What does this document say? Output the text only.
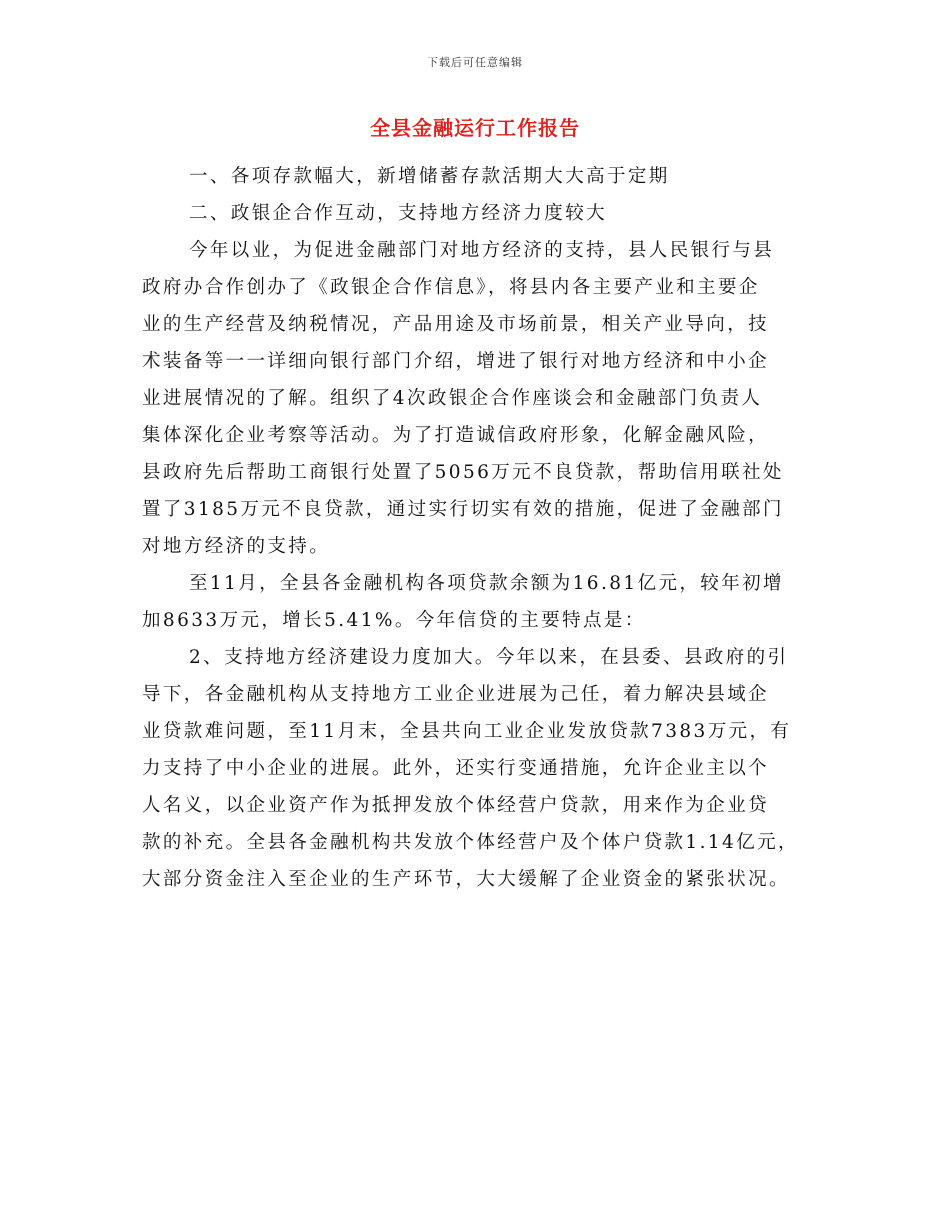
下载后可任意编辑
全县金融运行工作报告
一、各项存款幅大，新增储蓄存款活期大大高于定期
二、政银企合作互动，支持地方经济力度较大
今年以业，为促进金融部门对地方经济的支持，县人民银行与县
政府办合作创办了《政银企合作信息》，将县内各主要产业和主要企
业的生产经营及纳税情况，产品用途及市场前景，相关产业导向，技
术装备等一一详细向银行部门介绍，增进了银行对地方经济和中小企
业进展情况的了解。组织了4次政银企合作座谈会和金融部门负责人
集体深化企业考察等活动。为了打造诚信政府形象，化解金融风险，
县政府先后帮助工商银行处置了5056万元不良贷款，帮助信用联社处
置了3185万元不良贷款，通过实行切实有效的措施，促进了金融部门
对地方经济的支持。
至11月，全县各金融机构各项贷款余额为16.81亿元，较年初增
加8633万元，增长5.41%。今年信贷的主要特点是：
2、支持地方经济建设力度加大。今年以来，在县委、县政府的引
导下，各金融机构从支持地方工业企业进展为己任，着力解决县域企
业贷款难问题，至11月末，全县共向工业企业发放贷款7383万元，有
力支持了中小企业的进展。此外，还实行变通措施，允许企业主以个
人名义，以企业资产作为抵押发放个体经营户贷款，用来作为企业贷
款的补充。全县各金融机构共发放个体经营户及个体户贷款1.14亿元，
大部分资金注入至企业的生产环节，大大缓解了企业资金的紧张状况。
